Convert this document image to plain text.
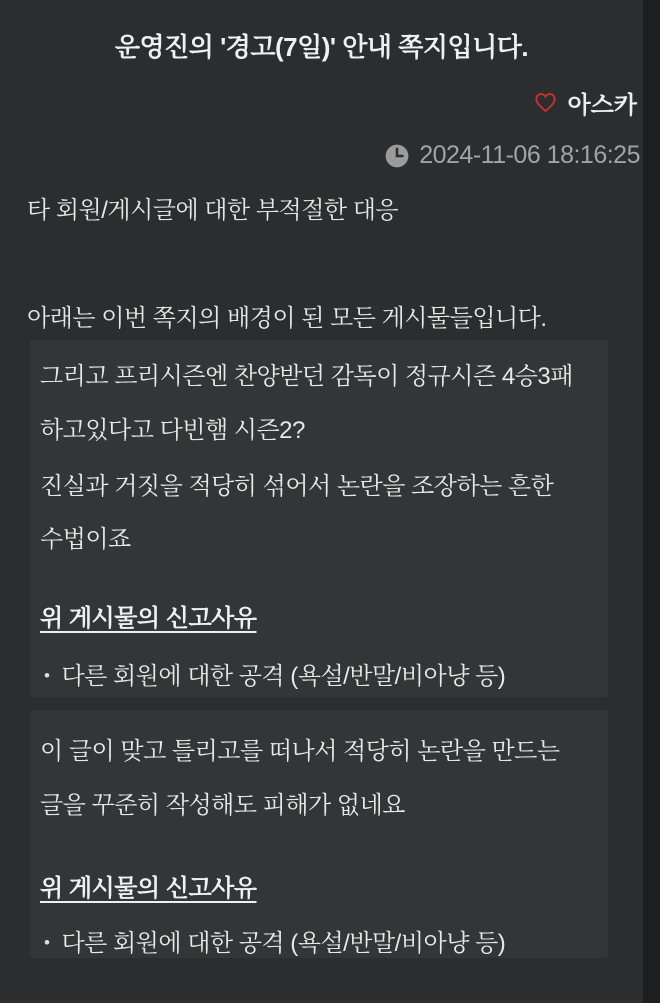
운영진의 '경고(7일)' 안내 쪽지입니다.
아스카
2024-11-06 18:16:25
타 회원/게시글에 대한 부적절한 대응
아래는 이번 쪽지의 배경이 된 모든 게시물들입니다.
그리고 프리시즌엔 찬양받던 감독이 정규시즌 4승3패
하고있다고 다빈햄 시즌2?
진실과 거짓을 적당히 섞어서 논란을 조장하는 흔한
수법이죠
위 게시물의 신고사유
• 다른 회원에 대한 공격 (욕설/반말/비아냥 등)
이 글이 맞고 틀리고를 떠나서 적당히 논란을 만드는
글을 꾸준히 작성해도 피해가 없네요
위 게시물의 신고사유
• 다른 회원에 대한 공격 (욕설/반말/비아냥 등)
